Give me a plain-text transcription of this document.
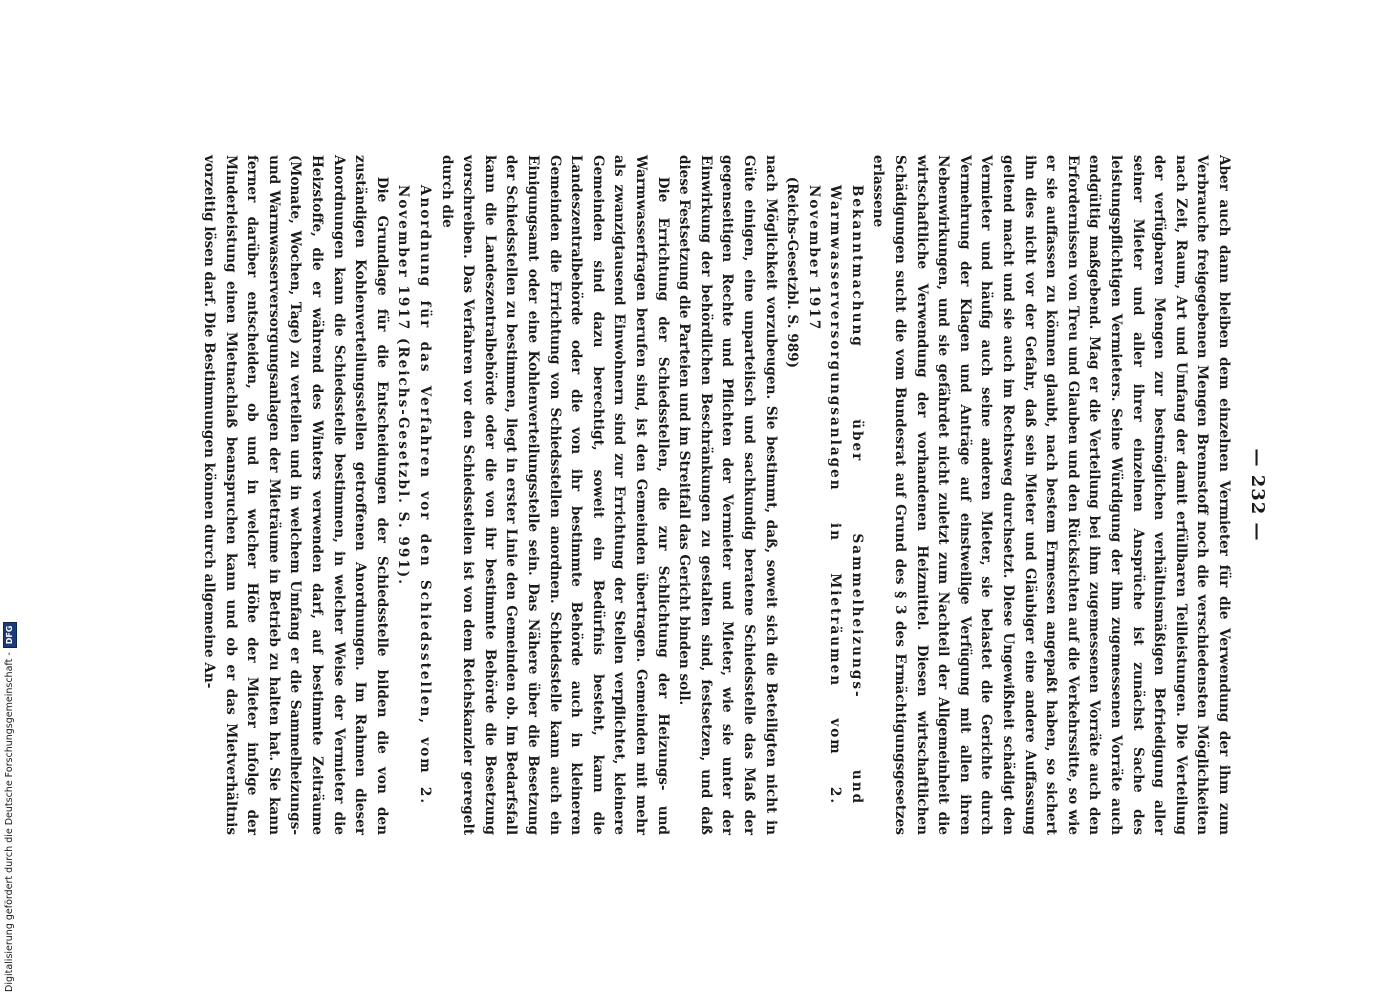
— 232 —

Aber auch dann bleiben dem einzelnen Vermieter für die Verwendung der ihm zum Verbrauche freigegebenen Mengen Brennstoff noch die verschiedensten Möglichkeiten nach Zeit, Raum, Art und Umfang der damit erfüllbaren Teilleistungen. Die Verteilung der verfügbaren Mengen zur bestmöglichen verhältnismäßigen Befriedigung aller seiner Mieter und aller ihrer einzelnen Ansprüche ist zunächst Sache des leistungspflichtigen Vermieters. Seine Würdigung der ihm zugemessenen Vorräte auch endgültig maßgebend. Mag er die Verteilung bei ihm zugemessenen Vorräte auch den Erfordernissen von Treu und Glauben und den Rücksichten auf die Verkehrssitte, so wie er sie auffassen zu können glaubt, nach bestem Ermessen angepaßt haben, so sichert ihn dies nicht vor der Gefahr, daß sein Mieter und Gläubiger eine andere Auffassung geltend macht und sie auch im Rechtsweg durchsetzt. Diese Ungewißheit schädigt den Vermieter und häufig auch seine anderen Mieter, sie belastet die Gerichte durch Vermehrung der Klagen und Anträge auf einstweilige Verfügung mit allen ihren Nebenwirkungen, und sie gefährdet nicht zuletzt zum Nachteil der Allgemeinheit die wirtschaftliche Verwendung der vorhandenen Heizmittel. Diesen wirtschaftlichen Schädigungen sucht die vom Bundesrat auf Grund des § 3 des Ermächtigungsgesetzes erlassene

Bekanntmachung über Sammelheizungs- und Warmwasserversorgungsanlagen in Mieträumen vom 2. November 1917

(Reichs-Gesetzbl. S. 989)

nach Möglichkeit vorzubeugen. Sie bestimmt, daß, soweit sich die Beteiligten nicht in Güte einigen, eine unparteiisch und sachkundig beratene Schiedsstelle das Maß der gegenseitigen Rechte und Pflichten der Vermieter und Mieter, wie sie unter der Einwirkung der behördlichen Beschränkungen zu gestalten sind, festsetzen, und daß diese Festsetzung die Parteien und im Streitfall das Gericht binden soll.

Die Errichtung der Schiedsstellen, die zur Schlichtung der Heizungs- und Warmwasserfragen berufen sind, ist den Gemeinden übertragen. Gemeinden mit mehr als zwanzigtausend Einwohnern sind zur Errichtung der Stellen verpflichtet, kleinere Gemeinden sind dazu berechtigt, soweit ein Bedürfnis besteht, kann die Landeszentralbehörde oder die von ihr bestimmte Behörde auch in kleineren Gemeinden die Errichtung von Schiedsstellen anordnen. Schiedsstelle kann auch ein Einigungsamt oder eine Kohlenverteilungsstelle sein. Das Nähere über die Besetzung der Schiedsstellen zu bestimmen, liegt in erster Linie den Gemeinden ob. Im Bedarfsfall kann die Landeszentralbehörde oder die von ihr bestimmte Behörde die Besetzung vorschreiben. Das Verfahren vor den Schiedsstellen ist von dem Reichskanzler geregelt durch die

Anordnung für das Verfahren vor den Schiedsstellen, vom 2. November 1917 (Reichs-Gesetzbl. S. 991).

Die Grundlage für die Entscheidungen der Schiedsstelle bilden die von den zuständigen Kohlenverteilungsstellen getroffenen Anordnungen. Im Rahmen dieser Anordnungen kann die Schiedsstelle bestimmen, in welcher Weise der Vermieter die Heizstoffe, die er während des Winters verwenden darf, auf bestimmte Zeiträume (Monate, Wochen, Tage) zu verteilen und in welchem Umfang er die Sammelheizungs- und Warmwasserversorgungsanlagen der Mieträume in Betrieb zu halten hat. Sie kann ferner darüber entscheiden, ob und in welcher Höhe der Mieter infolge der Minderleistung einen Mietnachlaß beanspruchen kann und ob er das Mietverhältnis vorzeitig lösen darf. Die Bestimmungen können durch allgemeine An-

Digitalisierung gefördert durch die Deutsche Forschungsgemeinschaft -
DFG
